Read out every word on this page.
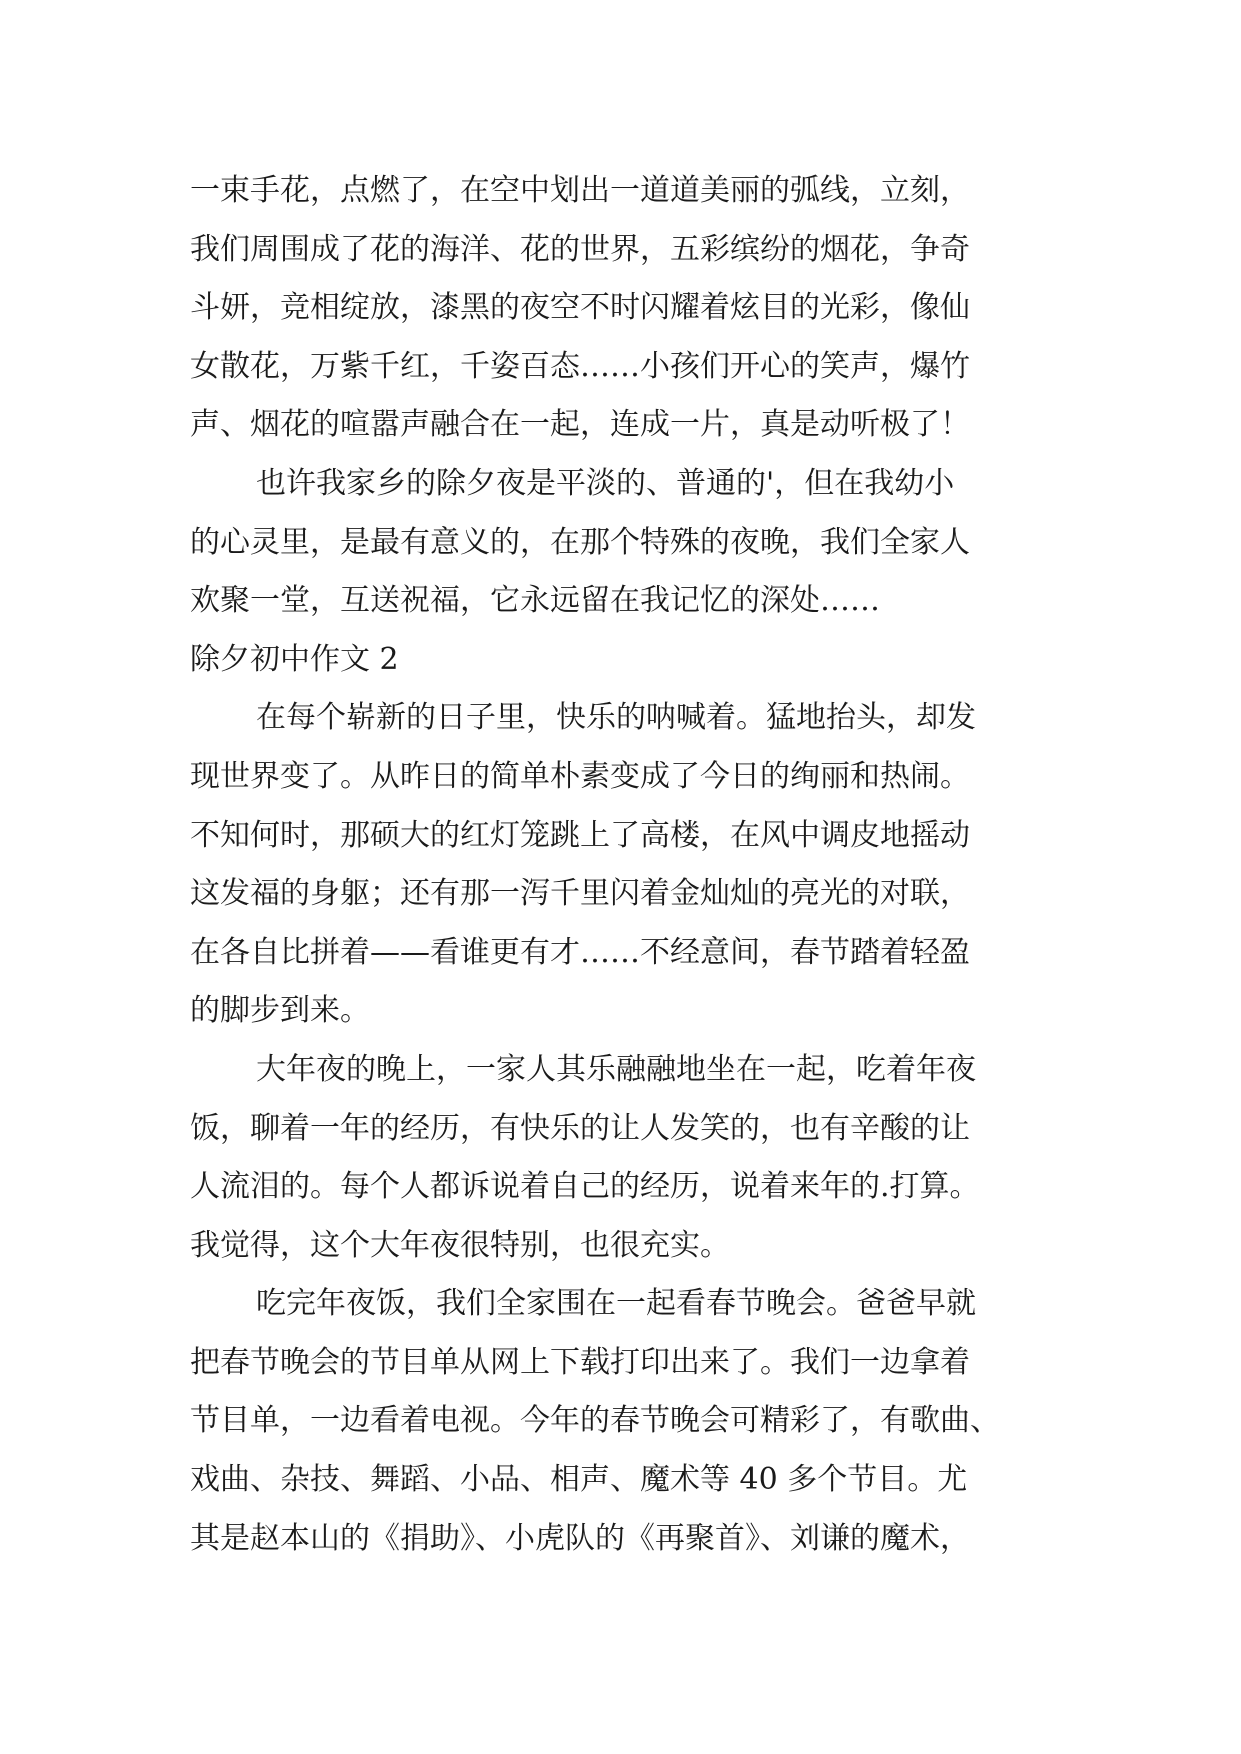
一束手花，点燃了，在空中划出一道道美丽的弧线，立刻，
我们周围成了花的海洋、花的世界，五彩缤纷的烟花，争奇
斗妍，竞相绽放，漆黑的夜空不时闪耀着炫目的光彩，像仙
女散花，万紫千红，千姿百态……小孩们开心的笑声，爆竹
声、烟花的喧嚣声融合在一起，连成一片，真是动听极了！
也许我家乡的除夕夜是平淡的、普通的'，但在我幼小
的心灵里，是最有意义的，在那个特殊的夜晚，我们全家人
欢聚一堂，互送祝福，它永远留在我记忆的深处……
除夕初中作文 2
在每个崭新的日子里，快乐的呐喊着。猛地抬头，却发
现世界变了。从昨日的简单朴素变成了今日的绚丽和热闹。
不知何时，那硕大的红灯笼跳上了高楼，在风中调皮地摇动
这发福的身躯；还有那一泻千里闪着金灿灿的亮光的对联，
在各自比拼着——看谁更有才……不经意间，春节踏着轻盈
的脚步到来。
大年夜的晚上，一家人其乐融融地坐在一起，吃着年夜
饭，聊着一年的经历，有快乐的让人发笑的，也有辛酸的让
人流泪的。每个人都诉说着自己的经历，说着来年的.打算。
我觉得，这个大年夜很特别，也很充实。
吃完年夜饭，我们全家围在一起看春节晚会。爸爸早就
把春节晚会的节目单从网上下载打印出来了。我们一边拿着
节目单，一边看着电视。今年的春节晚会可精彩了，有歌曲、
戏曲、杂技、舞蹈、小品、相声、魔术等 40 多个节目。尤
其是赵本山的《捐助》、小虎队的《再聚首》、刘谦的魔术，
